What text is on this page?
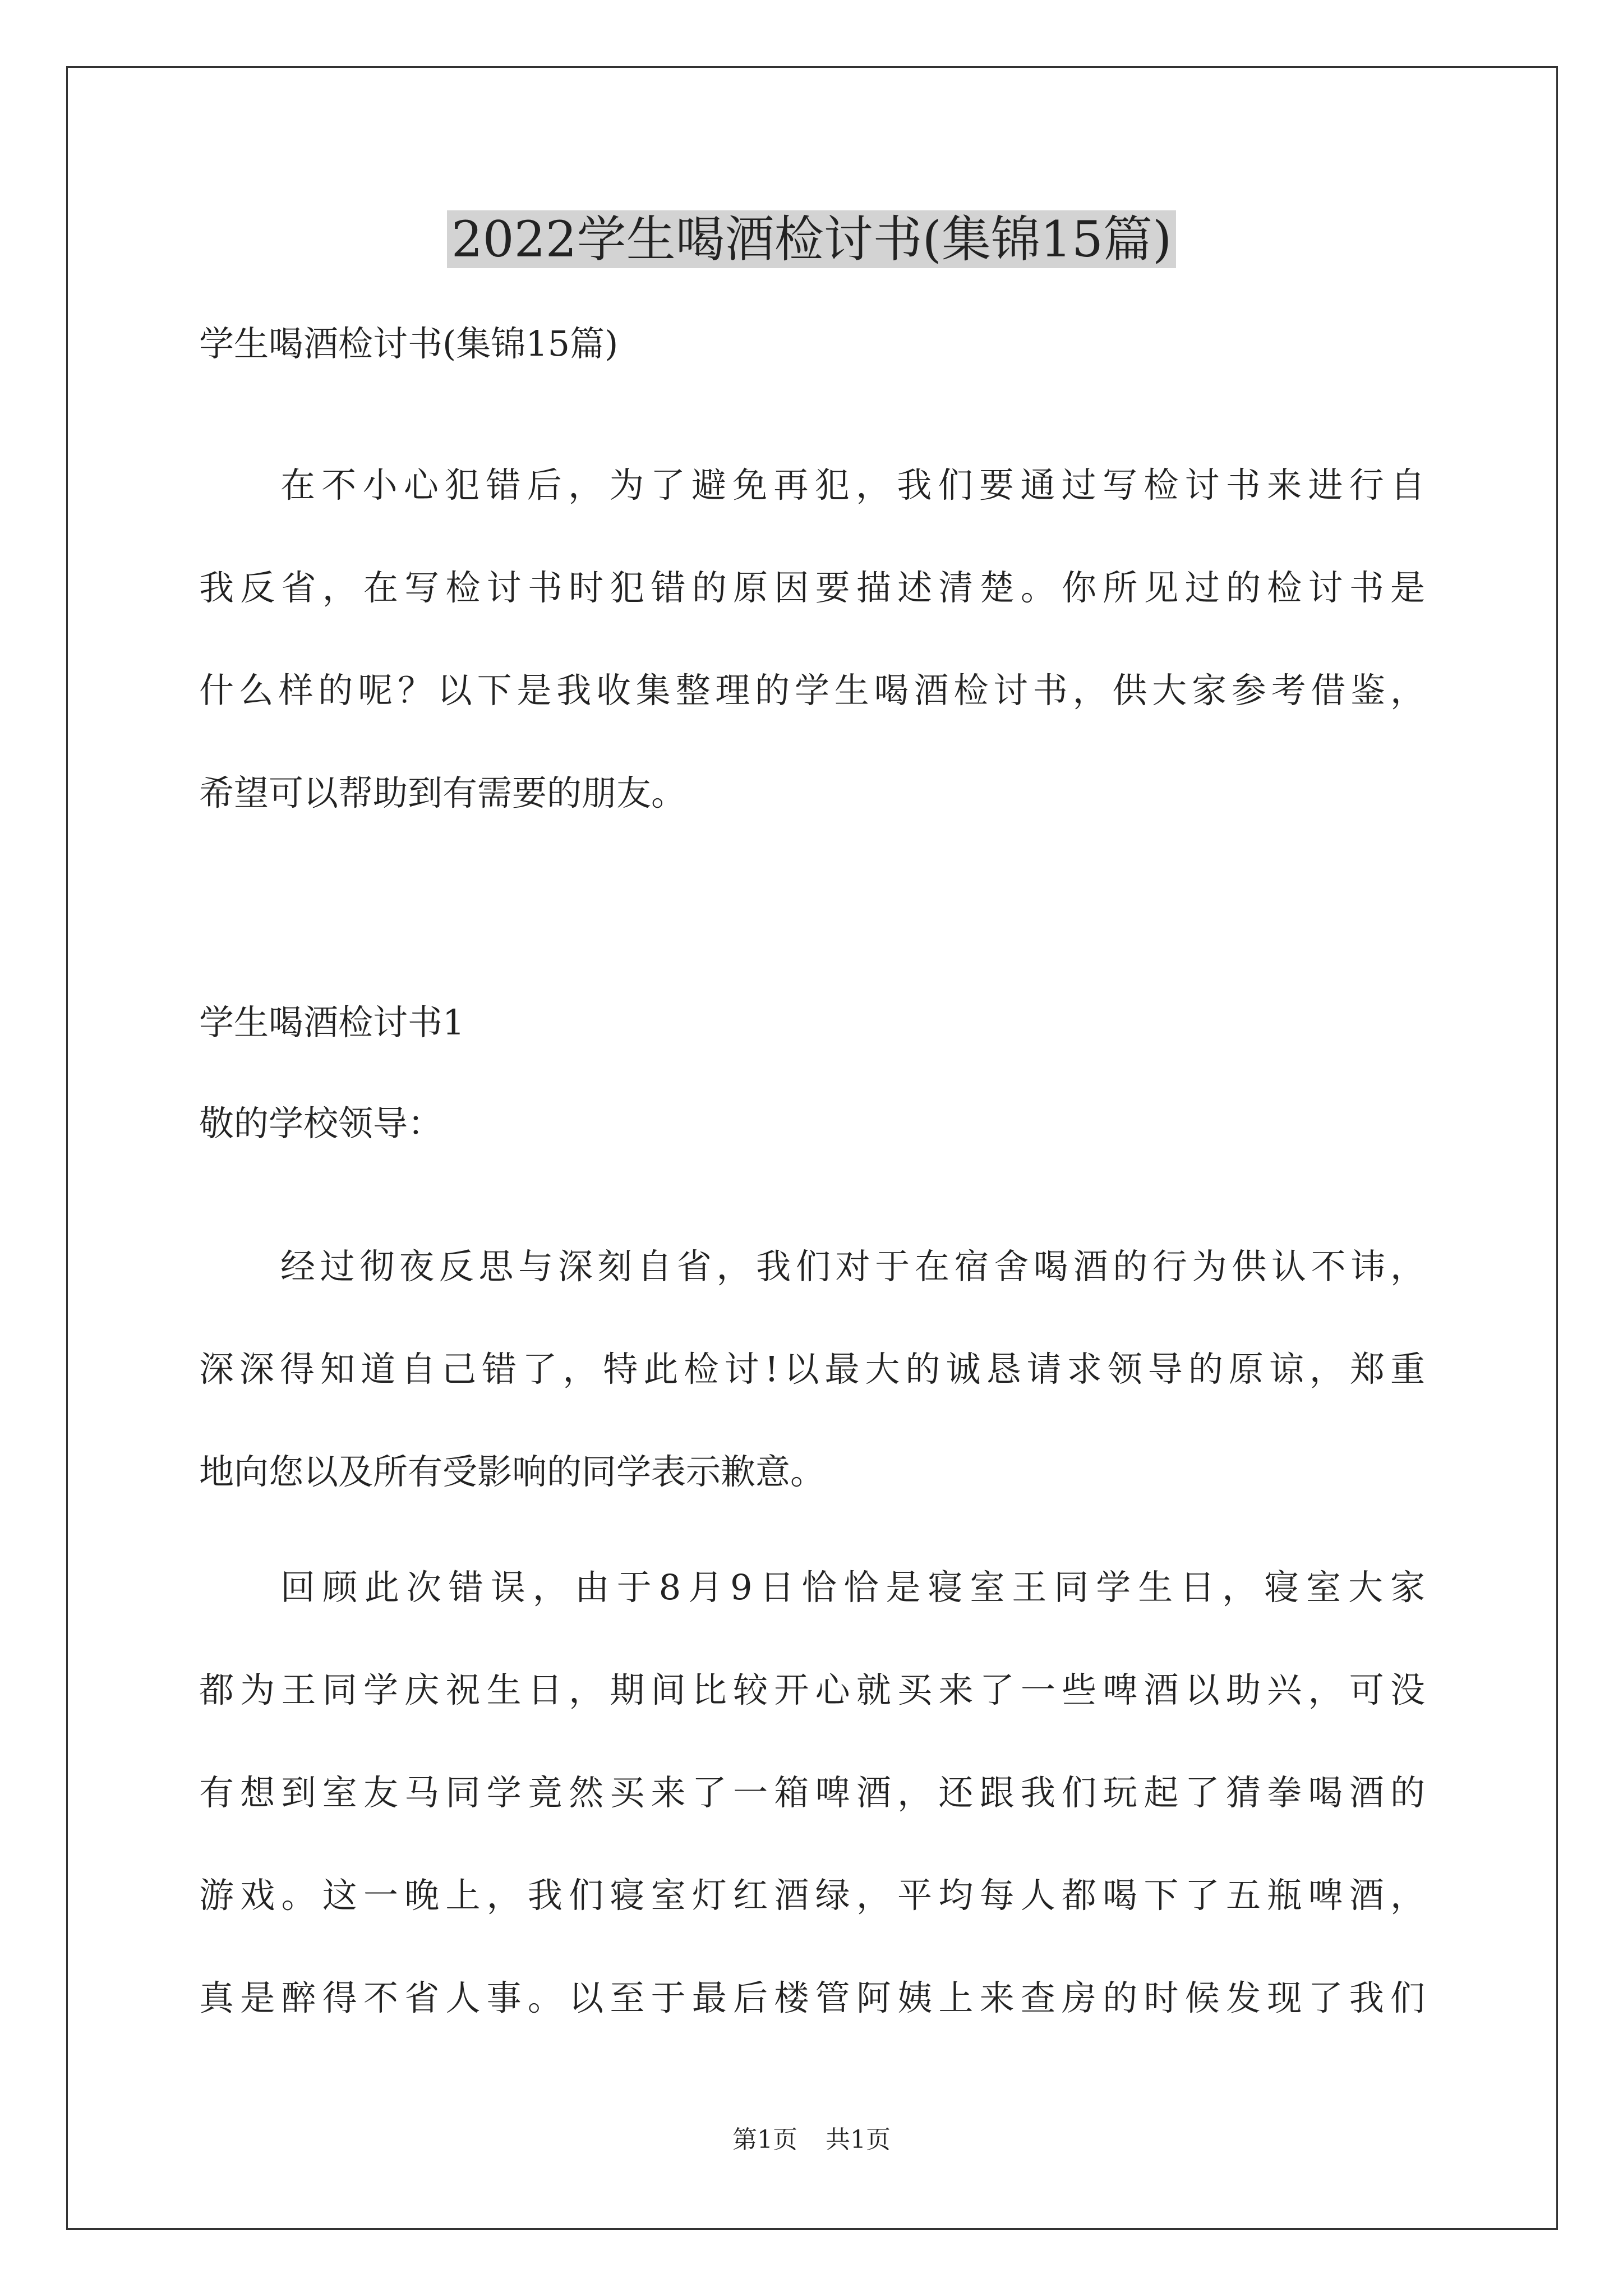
2022学生喝酒检讨书(集锦15篇)

学生喝酒检讨书(集锦15篇)

在不小心犯错后，为了避免再犯，我们要通过写检讨书来进行自

我反省，在写检讨书时犯错的原因要描述清楚。你所见过的检讨书是

什么样的呢？以下是我收集整理的学生喝酒检讨书，供大家参考借鉴，

希望可以帮助到有需要的朋友。

学生喝酒检讨书1

敬的学校领导：

经过彻夜反思与深刻自省，我们对于在宿舍喝酒的行为供认不讳，

深深得知道自己错了，特此检讨!以最大的诚恳请求领导的原谅，郑重

地向您以及所有受影响的同学表示歉意。

回顾此次错误，由于8月9日恰恰是寝室王同学生日，寝室大家

都为王同学庆祝生日，期间比较开心就买来了一些啤酒以助兴，可没

有想到室友马同学竟然买来了一箱啤酒，还跟我们玩起了猜拳喝酒的

游戏。这一晚上，我们寝室灯红酒绿，平均每人都喝下了五瓶啤酒，

真是醉得不省人事。以至于最后楼管阿姨上来查房的时候发现了我们

第1页 共1页
